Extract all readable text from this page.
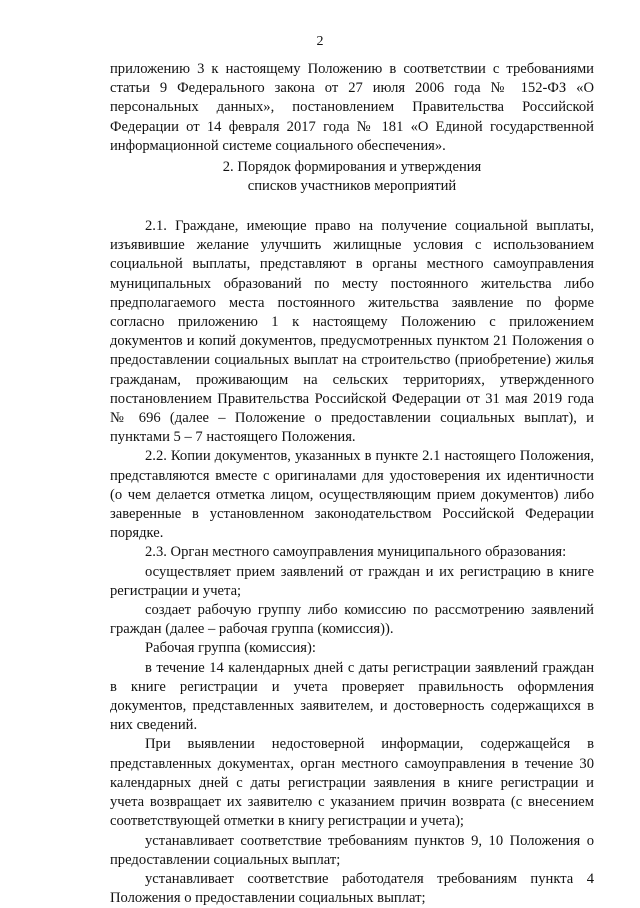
2

приложению 3 к настоящему Положению в соответствии с требованиями статьи 9 Федерального закона от 27 июля 2006 года № 152-ФЗ «О персональных данных», постановлением Правительства Российской Федерации от 14 февраля 2017 года № 181 «О Единой государственной информационной системе социального обеспечения».

2. Порядок формирования и утверждения
списков участников мероприятий

2.1. Граждане, имеющие право на получение социальной выплаты, изъявившие желание улучшить жилищные условия с использованием социальной выплаты, представляют в органы местного самоуправления муниципальных образований по месту постоянного жительства либо предполагаемого места постоянного жительства заявление по форме согласно приложению 1 к настоящему Положению с приложением документов и копий документов, предусмотренных пунктом 21 Положения о предоставлении социальных выплат на строительство (приобретение) жилья гражданам, проживающим на сельских территориях, утвержденного постановлением Правительства Российской Федерации от 31 мая 2019 года № 696 (далее – Положение о предоставлении социальных выплат), и пунктами 5 – 7 настоящего Положения.

2.2. Копии документов, указанных в пункте 2.1 настоящего Положения, представляются вместе с оригиналами для удостоверения их идентичности (о чем делается отметка лицом, осуществляющим прием документов) либо заверенные в установленном законодательством Российской Федерации порядке.

2.3. Орган местного самоуправления муниципального образования:

осуществляет прием заявлений от граждан и их регистрацию в книге регистрации и учета;

создает рабочую группу либо комиссию по рассмотрению заявлений граждан (далее – рабочая группа (комиссия)).

Рабочая группа (комиссия):

в течение 14 календарных дней с даты регистрации заявлений граждан в книге регистрации и учета проверяет правильность оформления документов, представленных заявителем, и достоверность содержащихся в них сведений.

При выявлении недостоверной информации, содержащейся в представленных документах, орган местного самоуправления в течение 30 календарных дней с даты регистрации заявления в книге регистрации и учета возвращает их заявителю с указанием причин возврата (с внесением соответствующей отметки в книгу регистрации и учета);

устанавливает соответствие требованиям пунктов 9, 10 Положения о предоставлении социальных выплат;

устанавливает соответствие работодателя требованиям пункта 4 Положения о предоставлении социальных выплат;
